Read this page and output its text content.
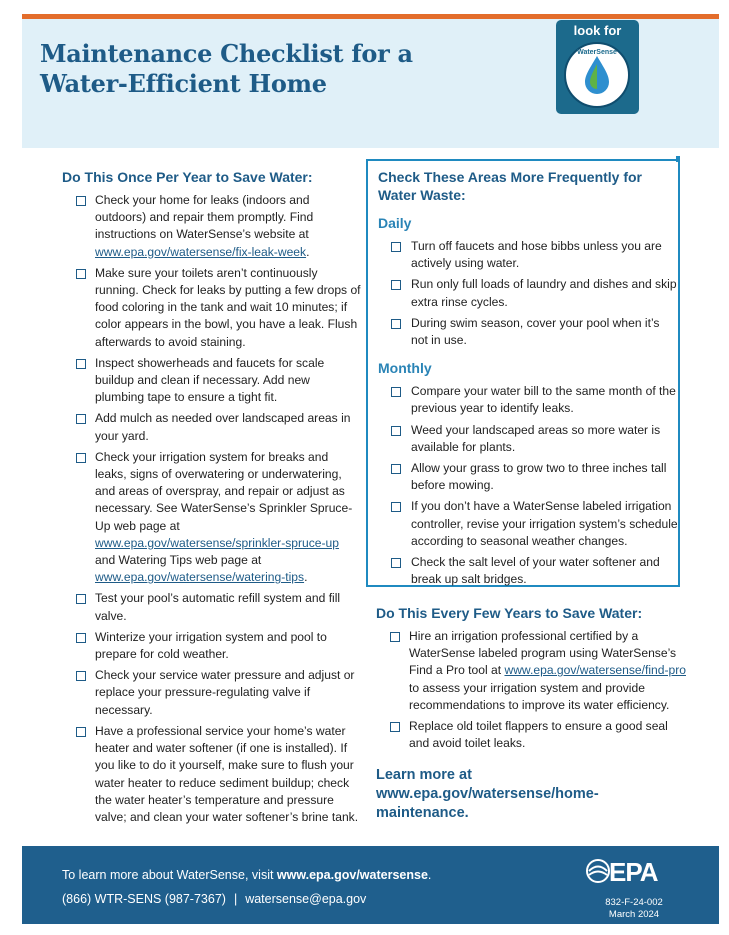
Maintenance Checklist for a
Water-Efficient Home
look for
WaterSense
Do This Once Per Year to Save Water:
Check your home for leaks (indoors and outdoors) and repair them promptly. Find instructions on WaterSense’s website at www.epa.gov/watersense/fix-leak-week.
Make sure your toilets aren’t continuously running. Check for leaks by putting a few drops of food coloring in the tank and wait 10 minutes; if color appears in the bowl, you have a leak. Flush afterwards to avoid staining.
Inspect showerheads and faucets for scale buildup and clean if necessary. Add new plumbing tape to ensure a tight fit.
Add mulch as needed over landscaped areas in your yard.
Check your irrigation system for breaks and leaks, signs of overwatering or underwatering, and areas of overspray, and repair or adjust as necessary. See WaterSense’s Sprinkler Spruce-Up web page at www.epa.gov/watersense/sprinkler-spruce-up and Watering Tips web page at www.epa.gov/watersense/watering-tips.
Test your pool’s automatic refill system and fill valve.
Winterize your irrigation system and pool to prepare for cold weather.
Check your service water pressure and adjust or replace your pressure-regulating valve if necessary.
Have a professional service your home’s water heater and water softener (if one is installed). If you like to do it yourself, make sure to flush your water heater to reduce sediment buildup; check the water heater’s temperature and pressure valve; and clean your water softener’s brine tank.
Check These Areas More Frequently for Water Waste:
Daily
Turn off faucets and hose bibbs unless you are actively using water.
Run only full loads of laundry and dishes and skip extra rinse cycles.
During swim season, cover your pool when it’s not in use.
Monthly
Compare your water bill to the same month of the previous year to identify leaks.
Weed your landscaped areas so more water is available for plants.
Allow your grass to grow two to three inches tall before mowing.
If you don’t have a WaterSense labeled irrigation controller, revise your irrigation system’s schedule according to seasonal weather changes.
Check the salt level of your water softener and break up salt bridges.
Do This Every Few Years to Save Water:
Hire an irrigation professional certified by a WaterSense labeled program using WaterSense’s Find a Pro tool at www.epa.gov/watersense/find-pro to assess your irrigation system and provide recommendations to improve its water efficiency.
Replace old toilet flappers to ensure a good seal and avoid toilet leaks.
Learn more at www.epa.gov/watersense/home-maintenance.
To learn more about WaterSense, visit www.epa.gov/watersense.
(866) WTR-SENS (987-7367) | watersense@epa.gov
EPA
832-F-24-002
March 2024
